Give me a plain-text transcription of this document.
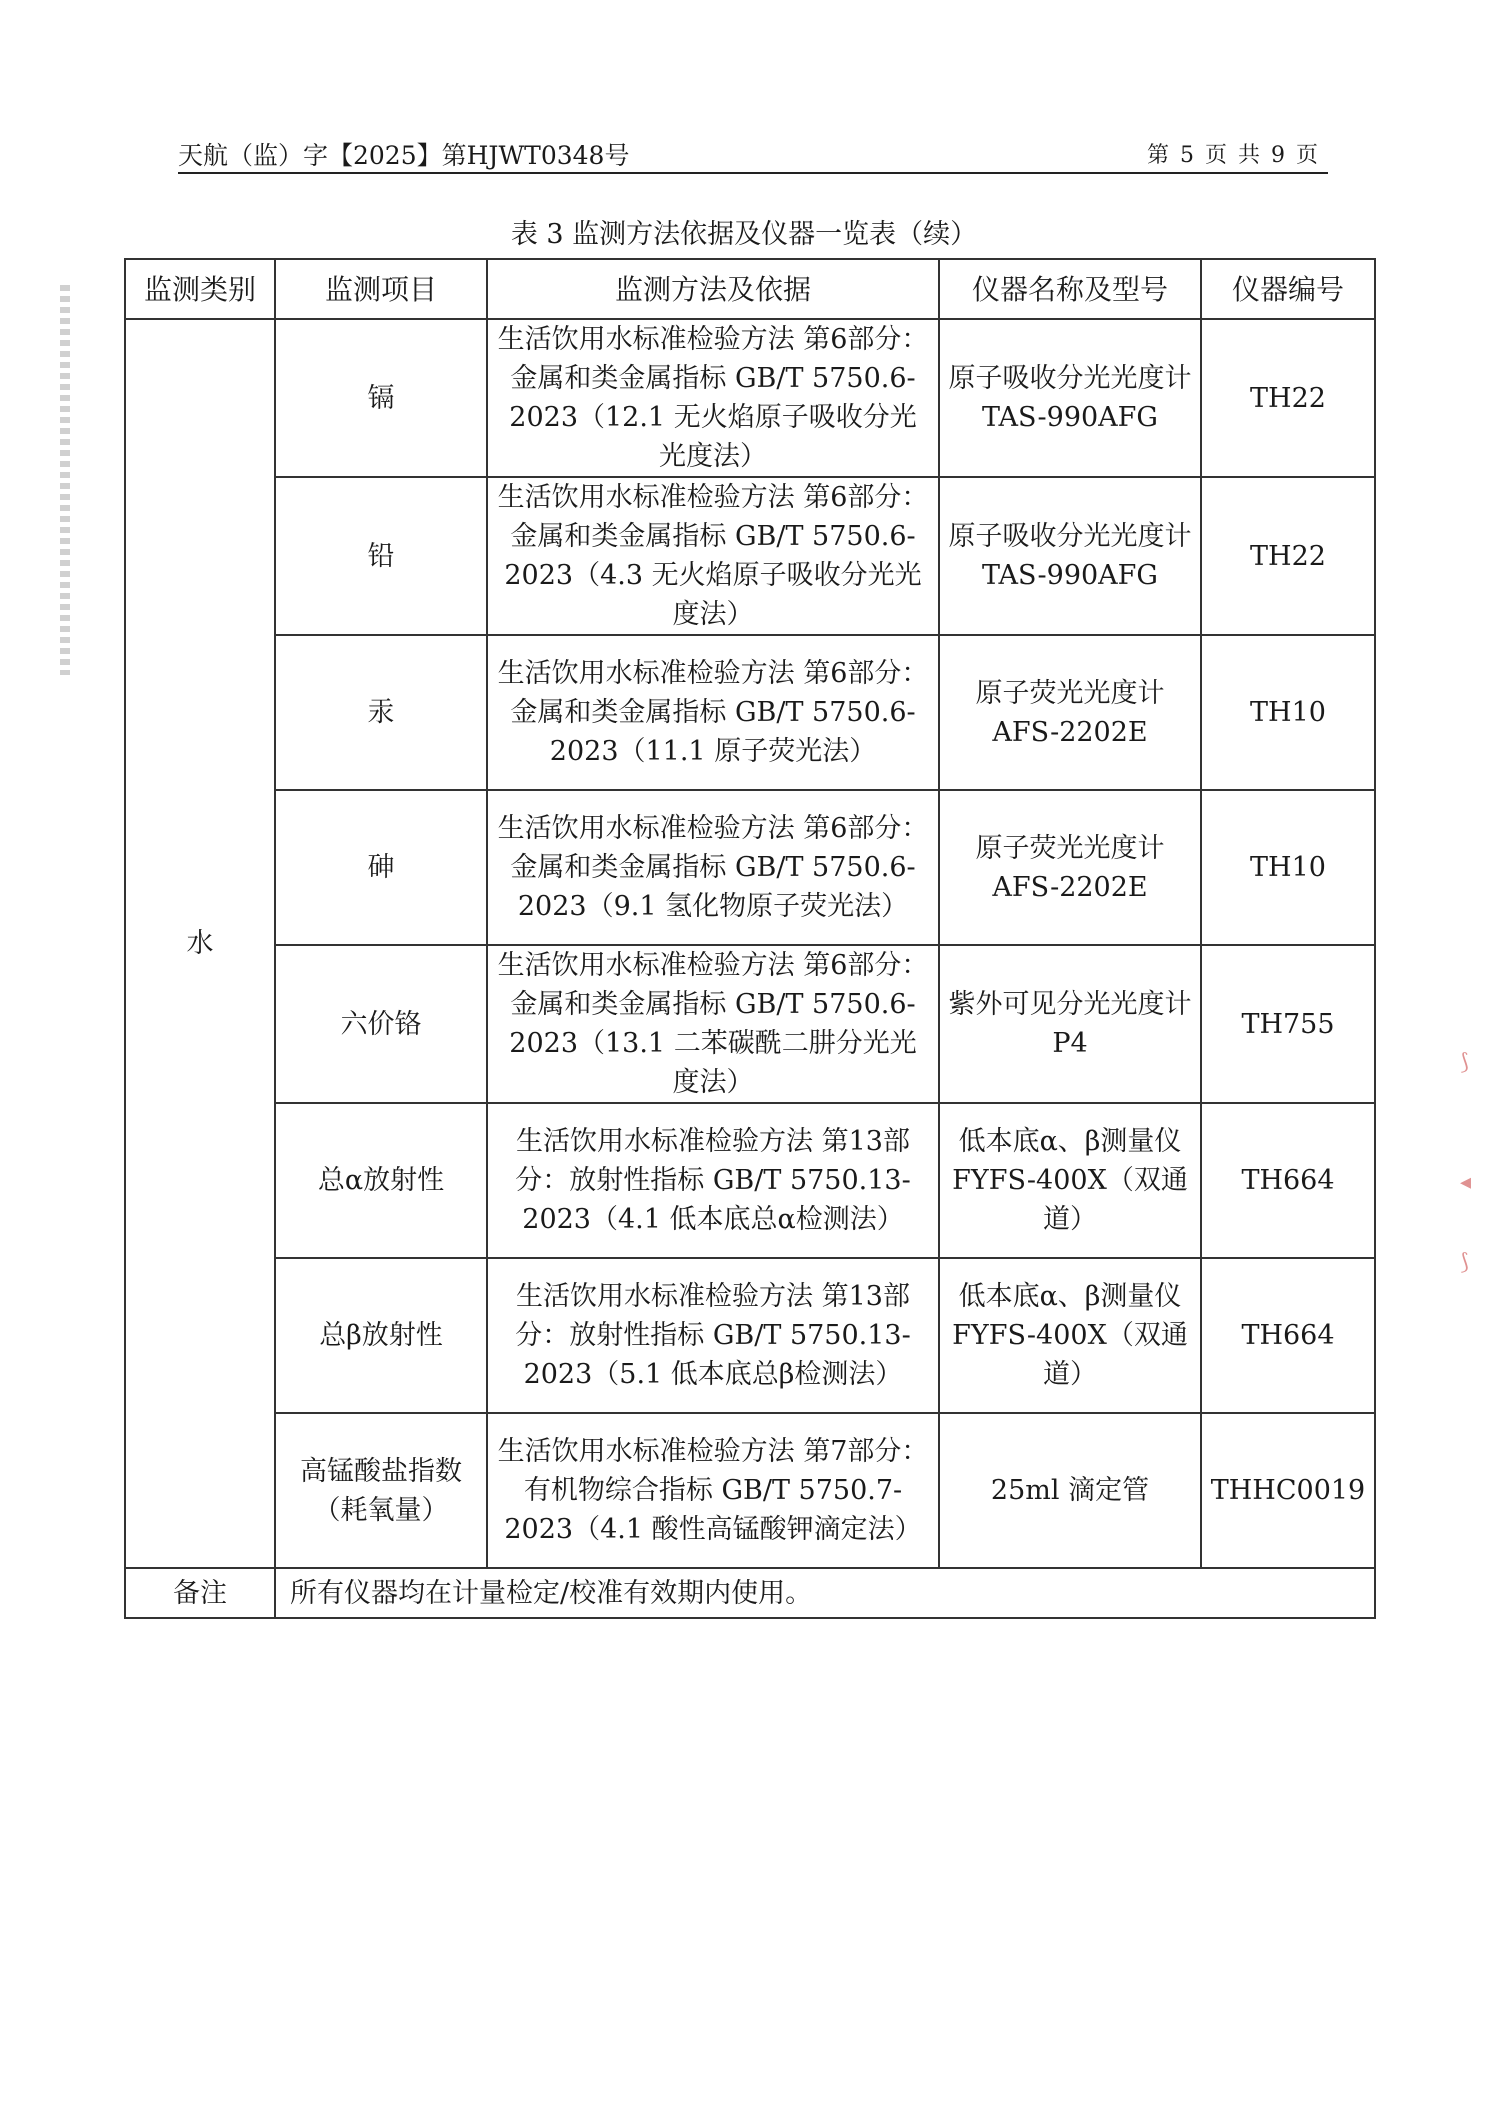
⟆
◂
⟆
天航（监）字【2025】第HJWT0348号	第 5 页 共 9 页
表 3 监测方法依据及仪器一览表（续）
监测类别	监测项目	监测方法及依据	仪器名称及型号	仪器编号
水	镉	生活饮用水标准检验方法 第6部分：金属和类金属指标 GB/T 5750.6-2023（12.1 无火焰原子吸收分光光度法）	原子吸收分光光度计TAS-990AFG	TH22
	铅	生活饮用水标准检验方法 第6部分：金属和类金属指标 GB/T 5750.6-2023（4.3 无火焰原子吸收分光光度法）	原子吸收分光光度计TAS-990AFG	TH22
	汞	生活饮用水标准检验方法 第6部分：金属和类金属指标 GB/T 5750.6-2023（11.1 原子荧光法）	原子荧光光度计 AFS-2202E	TH10
	砷	生活饮用水标准检验方法 第6部分：金属和类金属指标 GB/T 5750.6-2023（9.1 氢化物原子荧光法）	原子荧光光度计 AFS-2202E	TH10
	六价铬	生活饮用水标准检验方法 第6部分：金属和类金属指标 GB/T 5750.6-2023（13.1 二苯碳酰二肼分光光度法）	紫外可见分光光度计 P4	TH755
	总α放射性	生活饮用水标准检验方法 第13部分：放射性指标 GB/T 5750.13-2023（4.1 低本底总α检测法）	低本底α、β测量仪 FYFS-400X（双通道）	TH664
	总β放射性	生活饮用水标准检验方法 第13部分：放射性指标 GB/T 5750.13-2023（5.1 低本底总β检测法）	低本底α、β测量仪 FYFS-400X（双通道）	TH664
	高锰酸盐指数（耗氧量）	生活饮用水标准检验方法 第7部分：有机物综合指标 GB/T 5750.7-2023（4.1 酸性高锰酸钾滴定法）	25ml 滴定管	THHC0019
备注	所有仪器均在计量检定/校准有效期内使用。			
